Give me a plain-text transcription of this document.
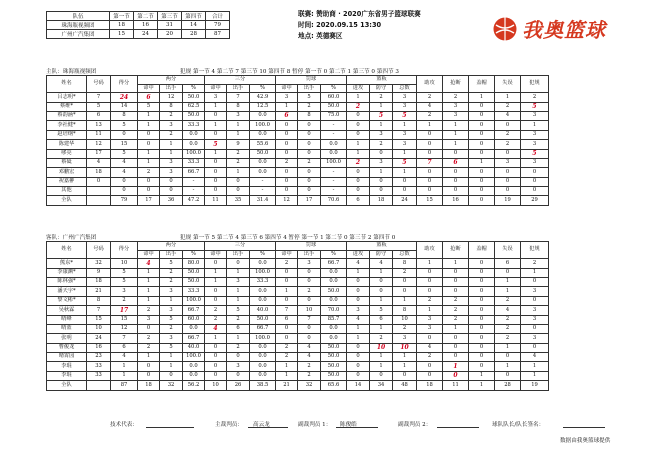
队伍	第一节	第二节	第三节	第四节	合计
珠海瓶视频团	18	16	31	14	79
广州广汽集团	15	24	20	28	87
联赛: 赞助商 · 2020广东省男子篮球联赛
时间: 2020.09.15 13:30
地点: 英德赛区	我奥篮球
主队：珠海瓶视频团	犯规 第一节 4 第二节 7 第三节 10 第四节 8 暂停 第一节 0 第二节 1 第三节 0 第四节 3
姓名	号码	得分	两分			三分			罚球			篮板			助攻	抢断	盖帽	失误	犯规
			命中	出手	%	命中	出手	%	命中	出手	%	进攻	防守	总数					
吕志明*	7	24	6	12	50.0	3	7	42.9	3	5	60.0	1	2	3	2	2	1	1	2
蔡维*	5	14	5	8	62.5	1	8	12.5	1	2	50.0	2	1	3	4	3	0	2	5
蔡韵涵*	6	8	1	2	50.0	0	3	0.0	6	8	75.0	0	5	5	2	3	0	4	3
李社健*	13	5	1	3	33.3	1	1	100.0	0	0	-	0	1	1	1	1	0	0	1
赵培纲*	11	0	0	2	0.0	0	1	0.0	0	0	-	0	3	3	0	1	0	2	3
陈建华	12	15	0	1	0.0	5	9	55.6	0	0	0.0	1	2	3	0	1	0	2	3
缪亮	17	5	1	1	100.0	1	2	50.0	0	0	0.0	1	0	1	0	0	0	0	5
蔡砥	4	4	1	3	33.3	0	2	0.0	2	2	100.0	2	3	5	7	6	1	3	3
邓鹏宏	18	4	2	3	66.7	0	1	0.0	0	0	-	0	1	1	0	0	0	0	0
祝嘉翀	0	0	0	0	-	0	0	-	0	0	-	0	0	0	0	0	0	0	0
其他		0	0	0	-	0	0	-	0	0	-	0	0	0	0	0	0	0	0
全队		79	17	36	47.2	11	35	31.4	12	17	70.6	6	18	24	15	16	0	19	29
客队：广州广汽集团	犯规 第一节 5 第二节 4 第三节 6 第四节 4 暂停 第一节 1 第二节 0 第三节 2 第四节 0
姓名	号码	得分	两分			三分			罚球			篮板			助攻	抢断	盖帽	失误	犯规
			命中	出手	%	命中	出手	%	命中	出手	%	进攻	防守	总数					
熊东*	32	10	4	5	80.0	0	0	0.0	2	3	66.7	4	4	8	1	1	0	6	2
李康渊*	9	5	1	2	50.0	1	1	100.0	0	0	0.0	1	1	2	0	0	0	0	1
陈林强*	18	5	1	2	50.0	1	3	33.3	0	0	0.0	0	0	0	0	0	0	1	0
潘天宇*	21	3	1	3	33.3	0	1	0.0	1	2	50.0	0	0	0	0	0	0	1	3
黎文彬*	8	2	1	1	100.0	0	1	0.0	0	0	0.0	0	1	1	2	2	0	2	0
吴秋霖	7	17	2	3	66.7	2	5	40.0	7	10	70.0	3	5	8	1	2	0	4	3
晴峰	15	15	3	5	60.0	2	2	50.0	6	7	85.7	4	6	10	3	2	0	2	3
晴蓝	10	12	0	2	0.0	4	6	66.7	0	0	0.0	1	1	2	3	1	0	2	0
张明	24	7	2	3	66.7	1	1	100.0	0	0	0.0	1	2	3	0	0	0	2	3
曹俊龙	16	6	2	5	40.0	0	2	0.0	2	4	50.0	0	10	10	4	0	0	1	0
晴霄园	23	4	1	1	100.0	0	0	0.0	2	4	50.0	0	1	1	2	0	0	0	4
李琨	33	1	0	1	0.0	0	3	0.0	1	2	50.0	0	1	1	0	1	0	1	1
李琨	33	1	0	0	0.0	0	0	0.0	1	2	50.0	0	0	0	0	0	1	0	1
全队		87	18	32	56.2	10	26	38.5	21	32	65.6	14	34	48	18	11	1	28	19
技术代表：	主裁判员： 高云龙	副裁判员 1： 陈俊皓	副裁判员 2：	球队队长/队长签名：
数据由我奥篮球提供
